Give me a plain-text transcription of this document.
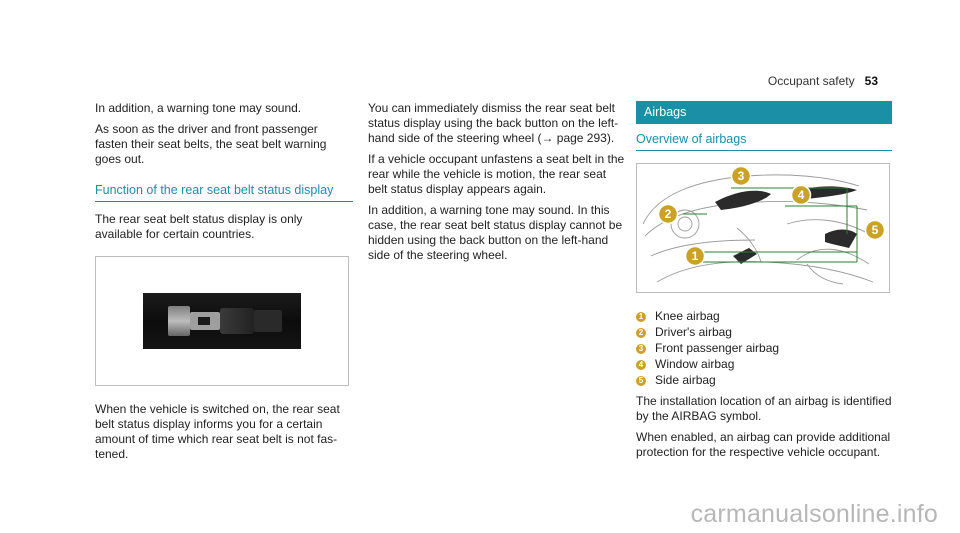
Occupant safety 53

In addition, a warning tone may sound.

As soon as the driver and front passenger fasten their seat belts, the seat belt warning goes out.

Function of the rear seat belt status display

The rear seat belt status display is only available for certain countries.

When the vehicle is switched on, the rear seat belt status display informs you for a certain amount of time which rear seat belt is not fas- tened.

You can immediately dismiss the rear seat belt status display using the back button on the left- hand side of the steering wheel (→ page 293).

If a vehicle occupant unfastens a seat belt in the rear while the vehicle is motion, the rear seat belt status display appears again.

In addition, a warning tone may sound. In this case, the rear seat belt status display cannot be hidden using the back button on the left-hand side of the steering wheel.

Airbags
Overview of airbags
1
2
3
4
5
1 Knee airbag
2 Driver's airbag
3 Front passenger airbag
4 Window airbag
5 Side airbag

The installation location of an airbag is identified by the AIRBAG symbol.

When enabled, an airbag can provide additional protection for the respective vehicle occupant.

carmanualsonline.info
